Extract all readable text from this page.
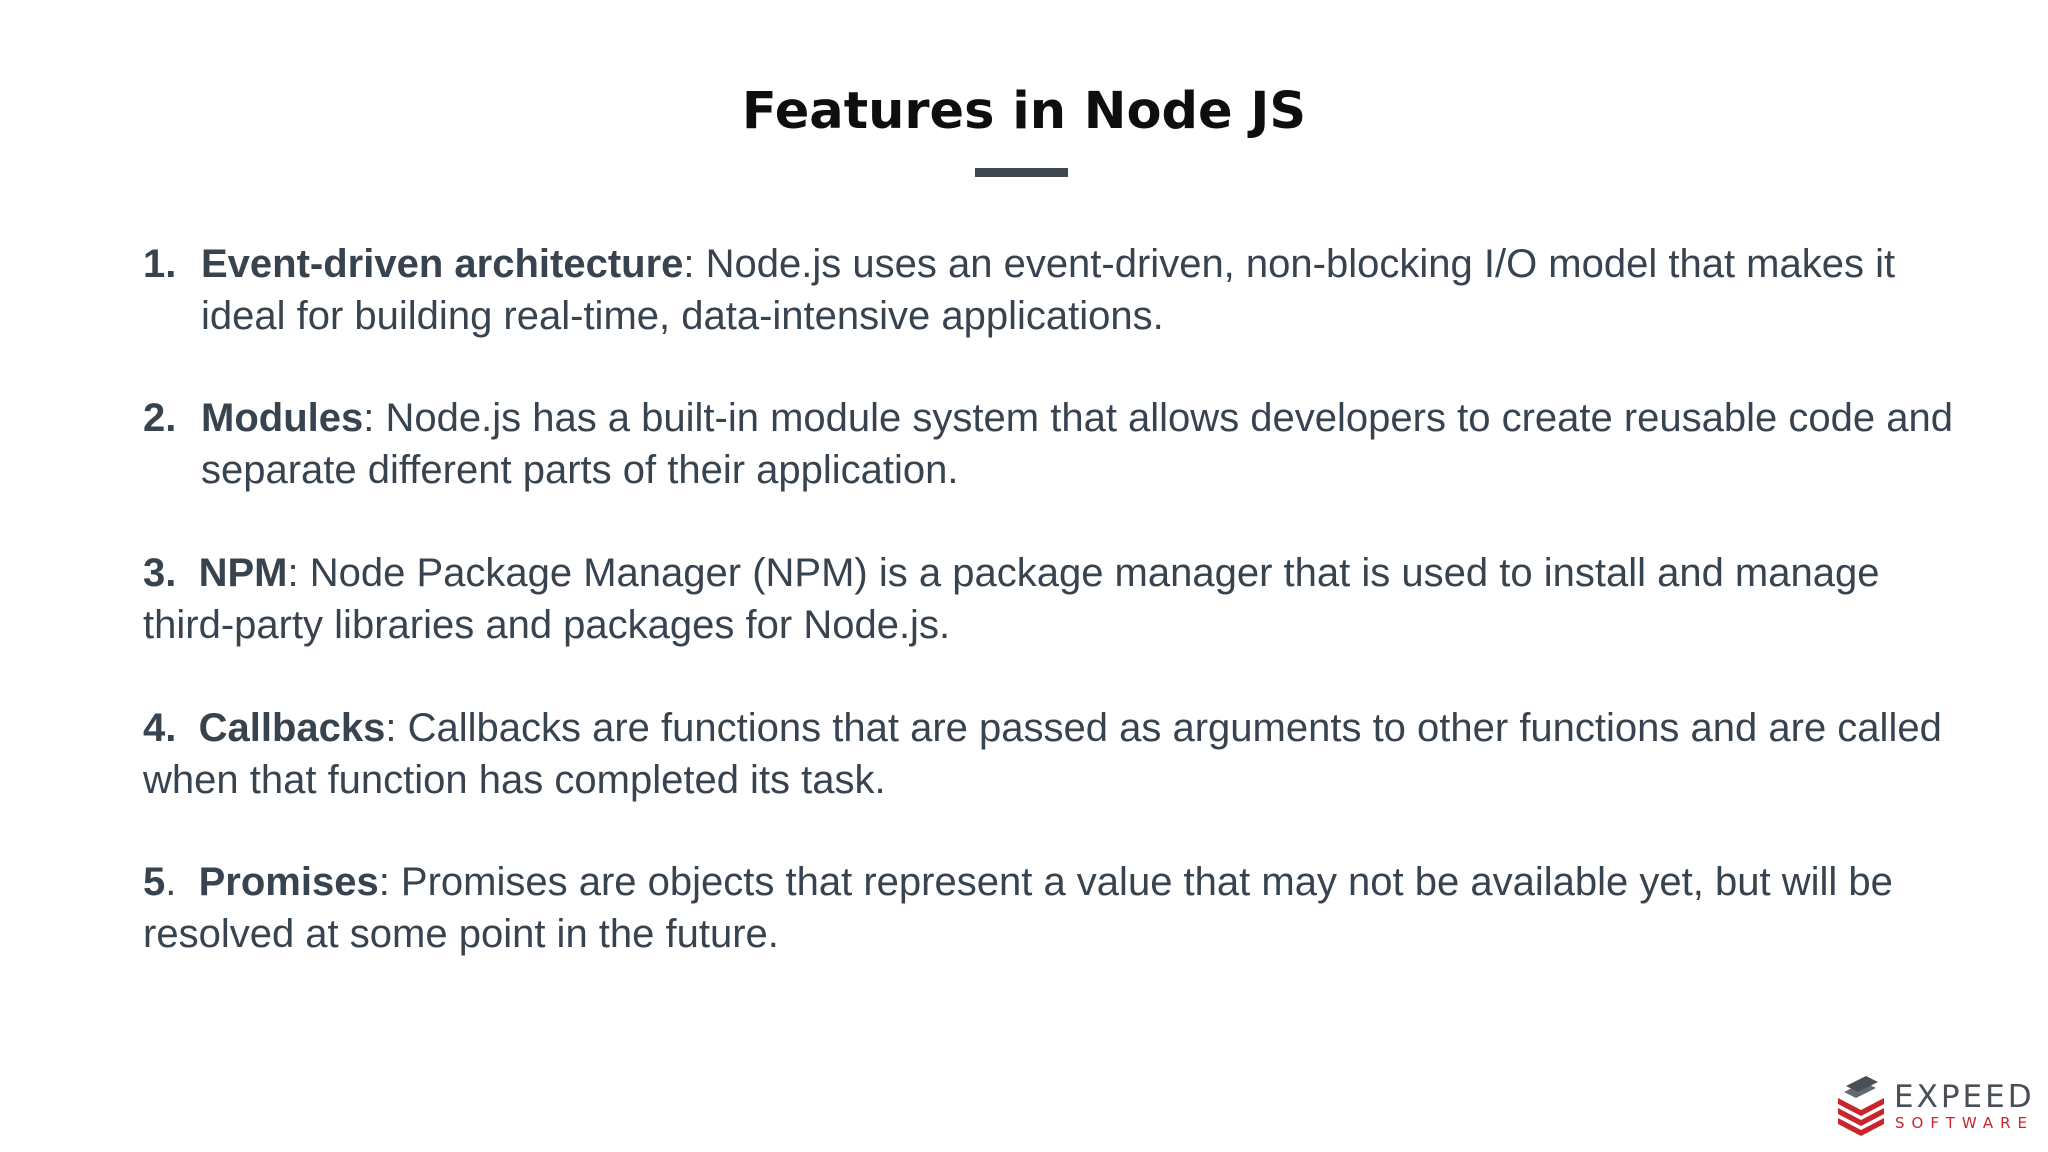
Features in Node JS
1. Event-driven architecture: Node.js uses an event-driven, non-blocking I/O model that makes it ideal for building real-time, data-intensive applications.
2. Modules: Node.js has a built-in module system that allows developers to create reusable code and separate different parts of their application.
3. NPM: Node Package Manager (NPM) is a package manager that is used to install and manage third-party libraries and packages for Node.js.
4. Callbacks: Callbacks are functions that are passed as arguments to other functions and are called when that function has completed its task.
5.  Promises: Promises are objects that represent a value that may not be available yet, but will be resolved at some point in the future.
EXPEED
SOFTWARE
